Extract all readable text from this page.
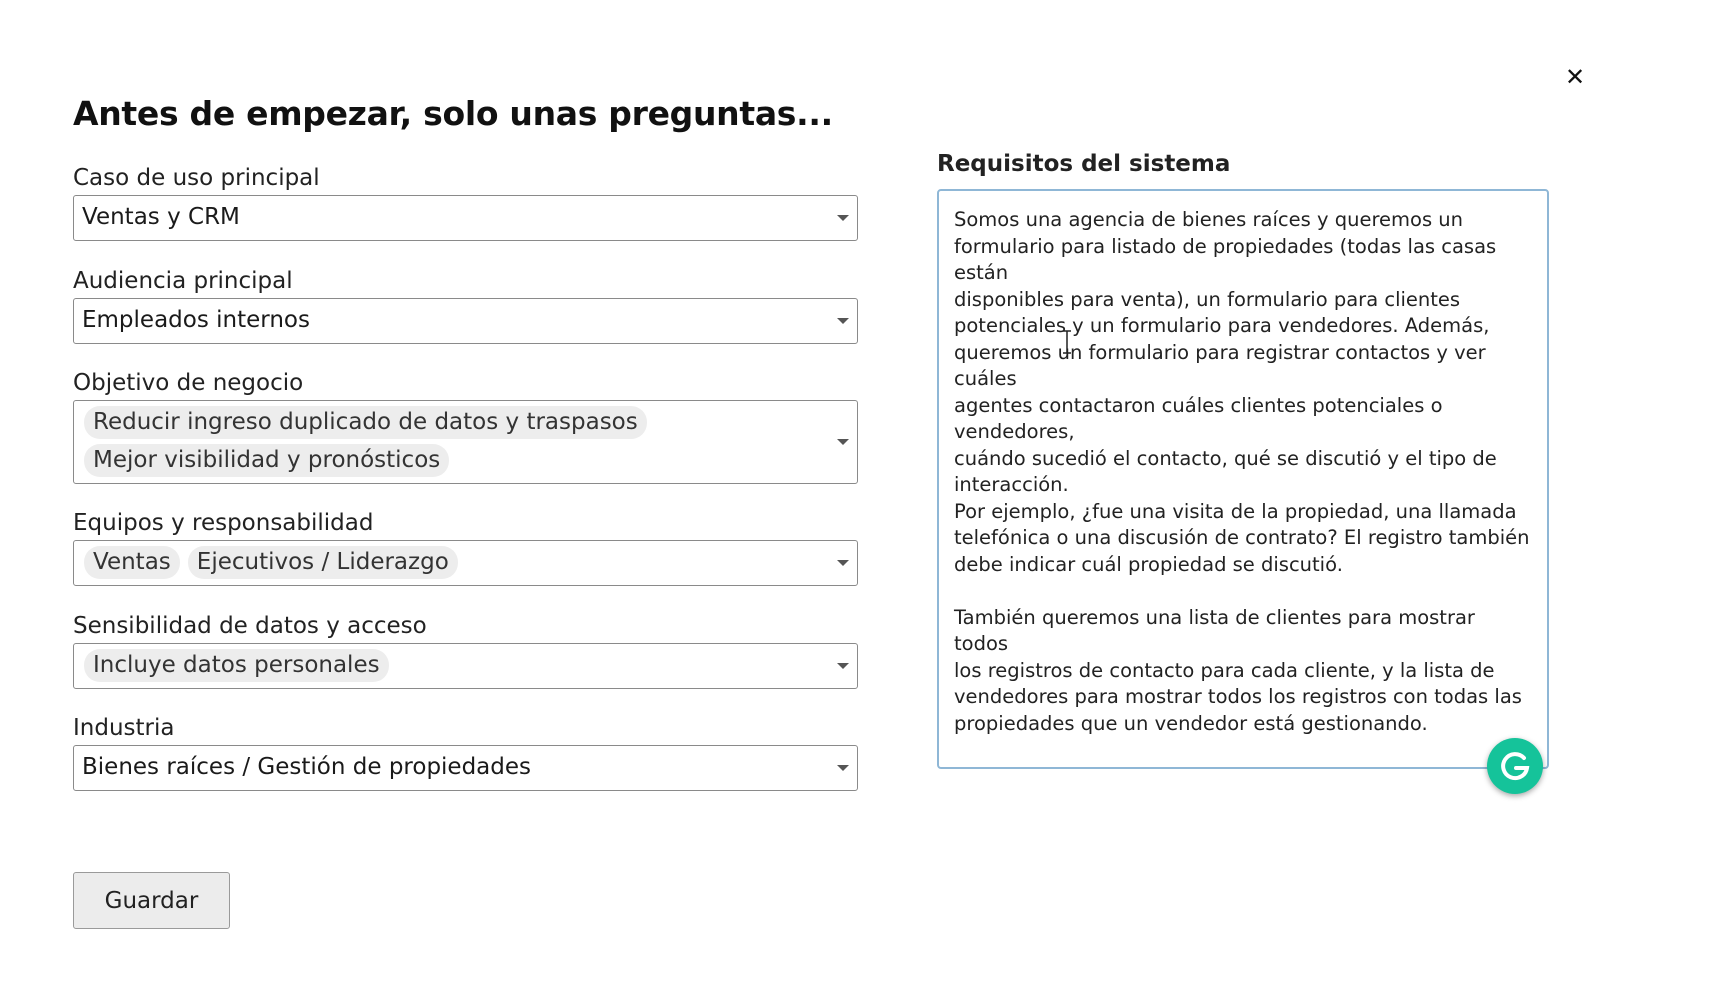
✕
Antes de empezar, solo unas preguntas...
Caso de uso principal
Ventas y CRM
Audiencia principal
Empleados internos
Objetivo de negocio
Reducir ingreso duplicado de datos y traspasos
Mejor visibilidad y pronósticos
Equipos y responsabilidad
Ventas	Ejecutivos / Liderazgo
Sensibilidad de datos y acceso
Incluye datos personales
Industria
Bienes raíces / Gestión de propiedades
Guardar
Requisitos del sistema
Somos una agencia de bienes raíces y queremos un
formulario para listado de propiedades (todas las casas están
disponibles para venta), un formulario para clientes
potenciales y un formulario para vendedores. Además,
queremos un formulario para registrar contactos y ver cuáles
agentes contactaron cuáles clientes potenciales o vendedores,
cuándo sucedió el contacto, qué se discutió y el tipo de
interacción.
Por ejemplo, ¿fue una visita de la propiedad, una llamada
telefónica o una discusión de contrato? El registro también
debe indicar cuál propiedad se discutió.

También queremos una lista de clientes para mostrar todos
los registros de contacto para cada cliente, y la lista de
vendedores para mostrar todos los registros con todas las
propiedades que un vendedor está gestionando.
